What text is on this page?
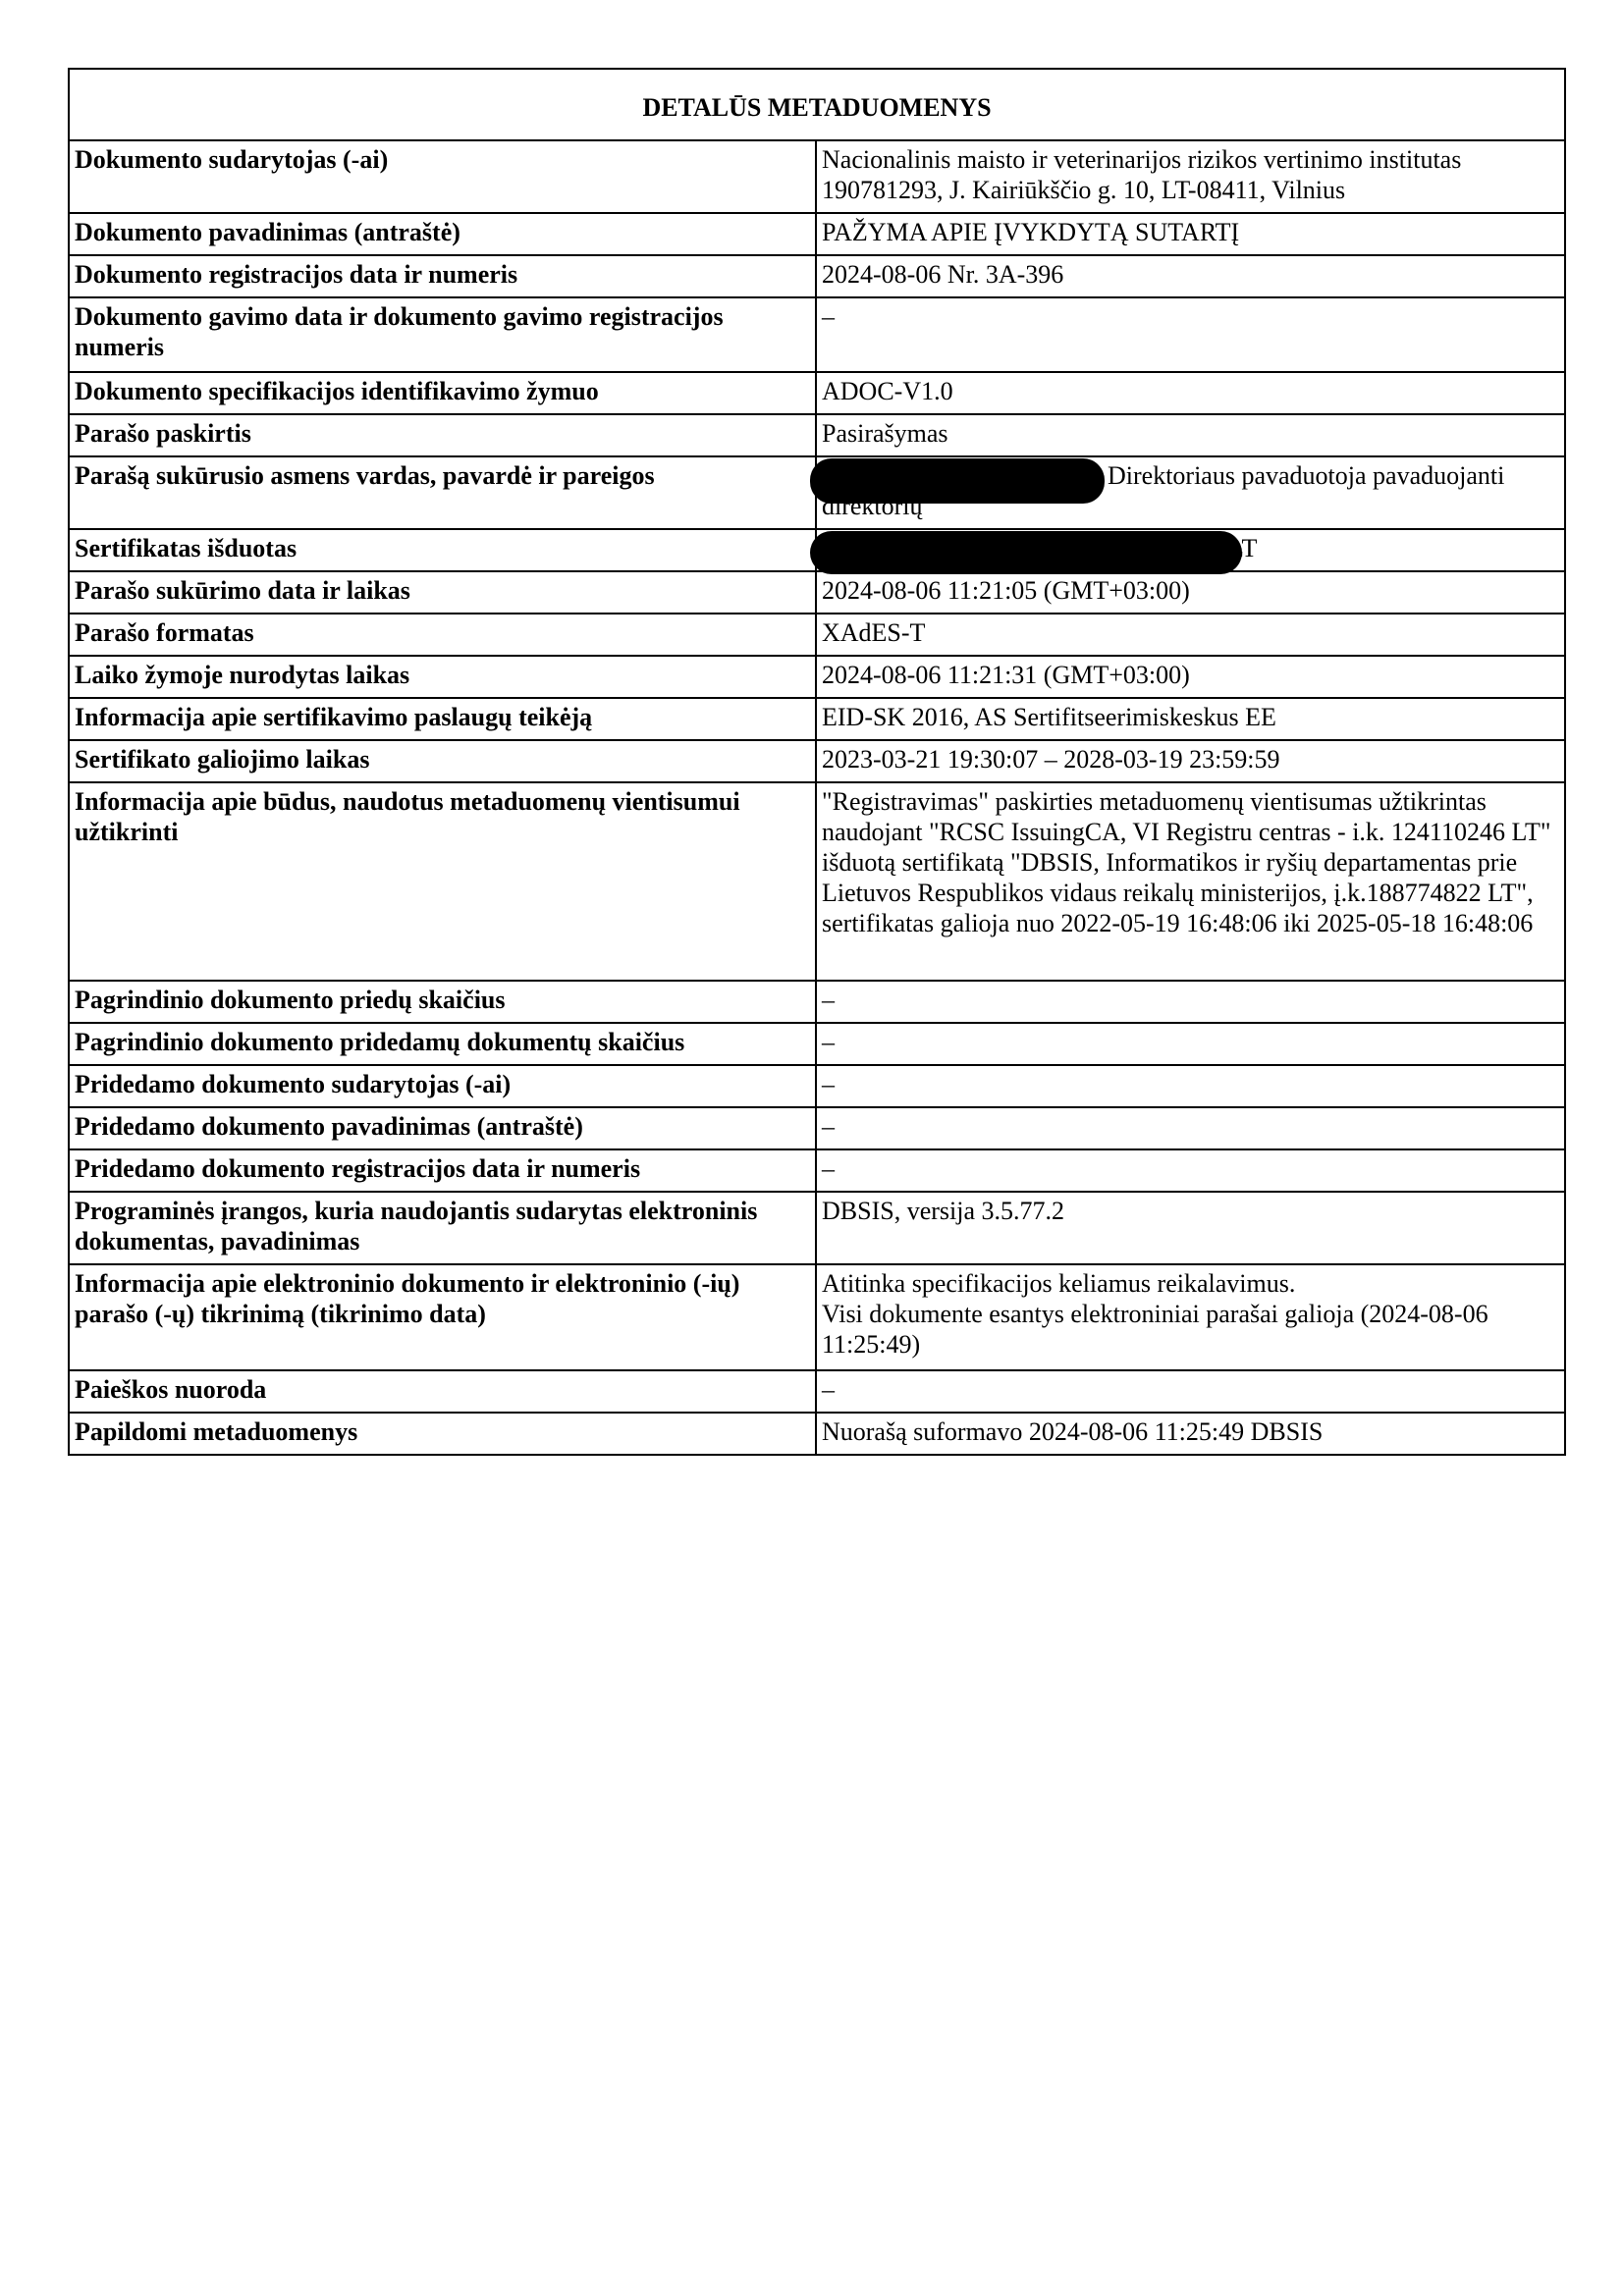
DETALŪS METADUOMENYS	
Dokumento sudarytojas (-ai)	Nacionalinis maisto ir veterinarijos rizikos vertinimo institutas 190781293, J. Kairiūkščio g. 10, LT-08411, Vilnius
Dokumento pavadinimas (antraštė)	PAŽYMA APIE ĮVYKDYTĄ SUTARTĮ
Dokumento registracijos data ir numeris	2024-08-06 Nr. 3A-396
Dokumento gavimo data ir dokumento gavimo registracijos numeris	–
Dokumento specifikacijos identifikavimo žymuo	ADOC-V1.0
Parašo paskirtis	Pasirašymas
Parašą sukūrusio asmens vardas, pavardė ir pareigos	Direktoriaus pavaduotoja pavaduojanti direktorių
Sertifikatas išduotas	LT
Parašo sukūrimo data ir laikas	2024-08-06 11:21:05 (GMT+03:00)
Parašo formatas	XAdES-T
Laiko žymoje nurodytas laikas	2024-08-06 11:21:31 (GMT+03:00)
Informacija apie sertifikavimo paslaugų teikėją	EID-SK 2016, AS Sertifitseerimiskeskus EE
Sertifikato galiojimo laikas	2023-03-21 19:30:07 – 2028-03-19 23:59:59
Informacija apie būdus, naudotus metaduomenų vientisumui užtikrinti	"Registravimas" paskirties metaduomenų vientisumas užtikrintas naudojant "RCSC IssuingCA, VI Registru centras - i.k. 124110246 LT" išduotą sertifikatą "DBSIS, Informatikos ir ryšių departamentas prie Lietuvos Respublikos vidaus reikalų ministerijos, į.k.188774822 LT", sertifikatas galioja nuo 2022-05-19 16:48:06 iki 2025-05-18 16:48:06
Pagrindinio dokumento priedų skaičius	–
Pagrindinio dokumento pridedamų dokumentų skaičius	–
Pridedamo dokumento sudarytojas (-ai)	–
Pridedamo dokumento pavadinimas (antraštė)	–
Pridedamo dokumento registracijos data ir numeris	–
Programinės įrangos, kuria naudojantis sudarytas elektroninis dokumentas, pavadinimas	DBSIS, versija 3.5.77.2
Informacija apie elektroninio dokumento ir elektroninio (-ių) parašo (-ų) tikrinimą (tikrinimo data)	Atitinka specifikacijos keliamus reikalavimus.
Visi dokumente esantys elektroniniai parašai galioja (2024-08-06 11:25:49)

Paieškos nuoroda	–
Papildomi metaduomenys	Nuorašą suformavo 2024-08-06 11:25:49 DBSIS
